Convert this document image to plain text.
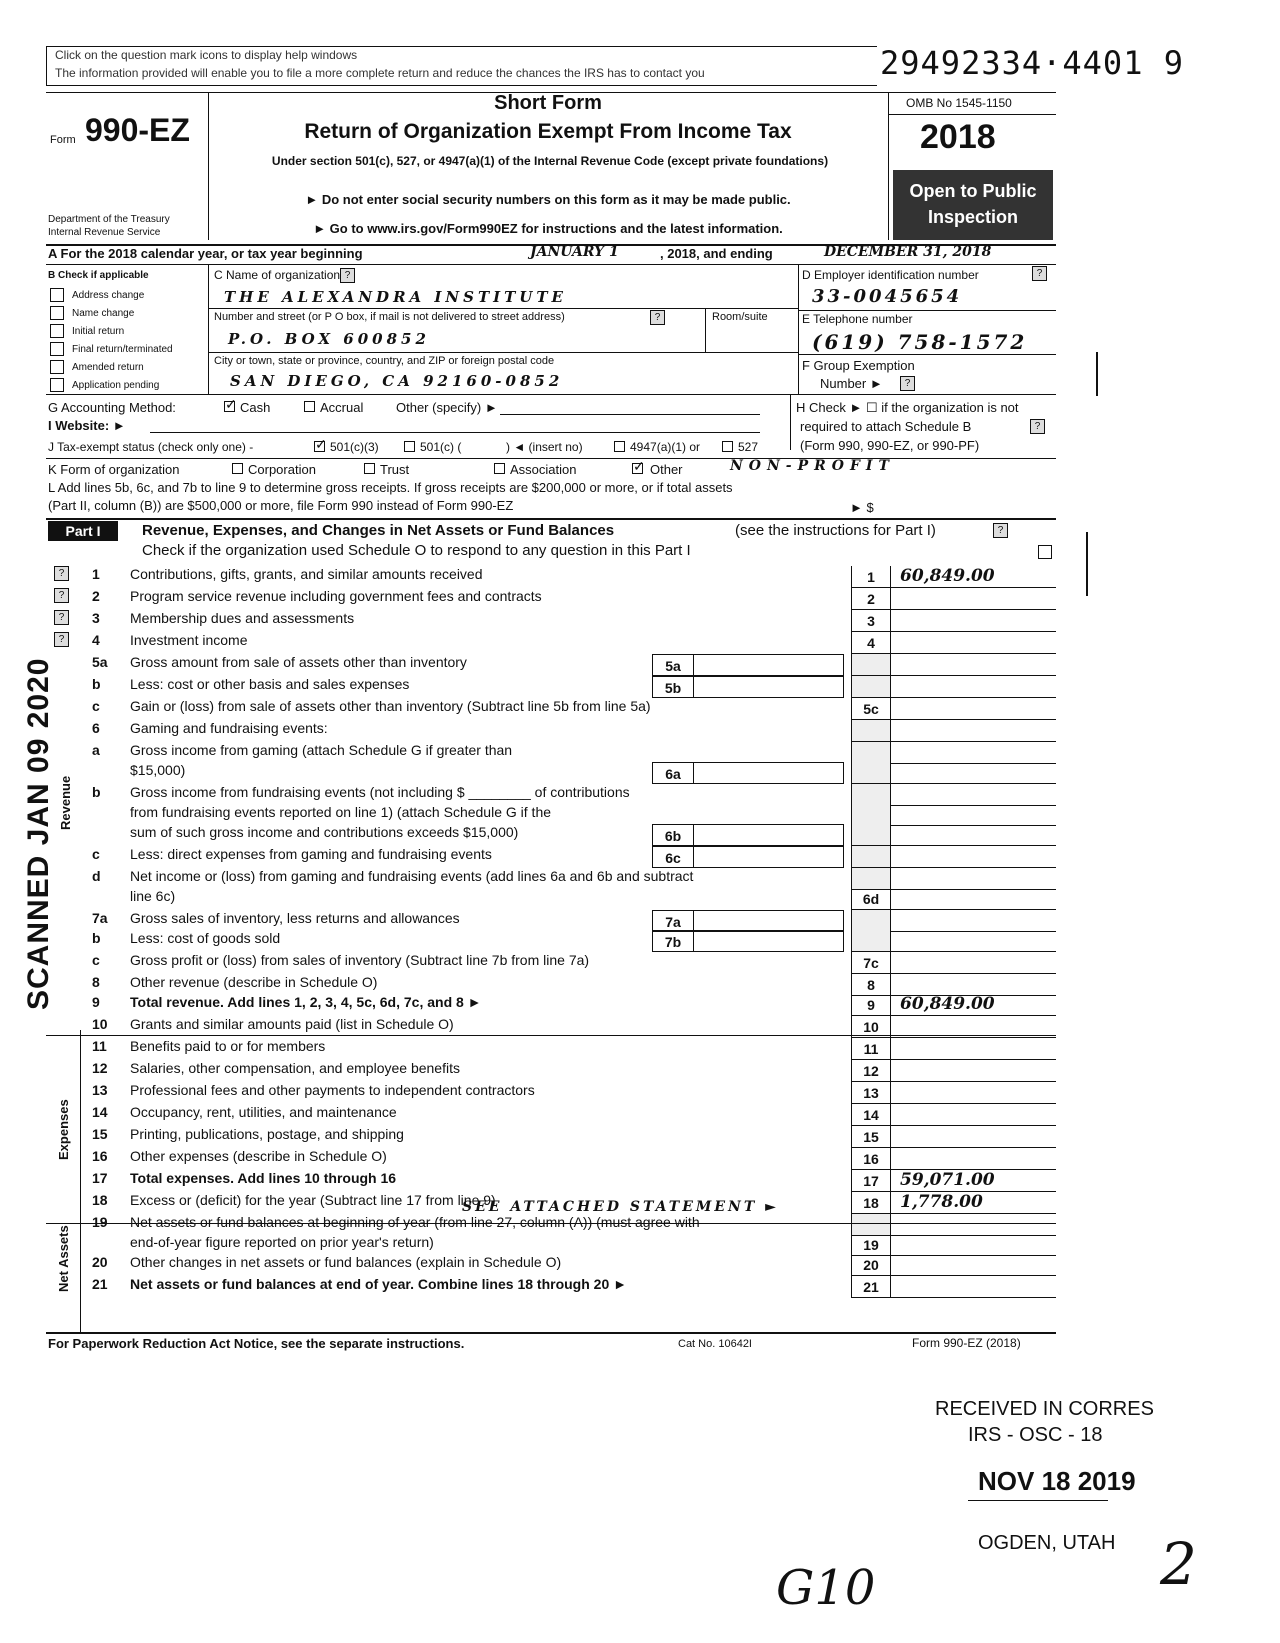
Click on the question mark icons to display help windows
The information provided will enable you to file a more complete return and reduce the chances the IRS has to contact you	29492334·4401 9
Form 990-EZ
Department of the Treasury
Internal Revenue Service
Short Form
Return of Organization Exempt From Income Tax
Under section 501(c), 527, or 4947(a)(1) of the Internal Revenue Code (except private foundations)
► Do not enter social security numbers on this form as it may be made public.
► Go to www.irs.gov/Form990EZ for instructions and the latest information.
OMB No 1545-1150
2018
Open to Public Inspection
A For the 2018 calendar year, or tax year beginning	JANUARY 1	, 2018, and ending	DECEMBER 31, 2018
B Check if applicable
Address change
Name change
Initial return
Final return/terminated
Amended return
Application pending
C Name of organization ?
THE ALEXANDRA INSTITUTE
Number and street (or P O box, if mail is not delivered to street address)	?	Room/suite
P.O. BOX 600852
City or town, state or province, country, and ZIP or foreign postal code
SAN DIEGO, CA 92160-0852
D Employer identification number	?
33-0045654
E Telephone number
(619) 758-1572
F Group Exemption
Number ►	?
G Accounting Method:	✓ Cash	Accrual	Other (specify) ►	H Check ► ☐ if the organization is not
required to attach Schedule B	?
(Form 990, 990-EZ, or 990-PF)
I Website: ►
J Tax-exempt status (check only one) -	✓ 501(c)(3)	501(c) (	) ◄ (insert no)	4947(a)(1) or	527
K Form of organization	Corporation	Trust	Association	✓ Other	NON-PROFIT
L Add lines 5b, 6c, and 7b to line 9 to determine gross receipts. If gross receipts are $200,000 or more, or if total assets
(Part II, column (B)) are $500,000 or more, file Form 990 instead of Form 990-EZ	► $
Part I	Revenue, Expenses, and Changes in Net Assets or Fund Balances	(see the instructions for Part I)	?
Check if the organization used Schedule O to respond to any question in this Part I
?
?
?
?
1	Contributions, gifts, grants, and similar amounts received	1	60,849.00
2	Program service revenue including government fees and contracts	2
3	Membership dues and assessments	3
4	Investment income	4
5a	Gross amount from sale of assets other than inventory	5a
b	Less: cost or other basis and sales expenses	5b
c	Gain or (loss) from sale of assets other than inventory (Subtract line 5b from line 5a)	5c
6	Gaming and fundraising events:
a	Gross income from gaming (attach Schedule G if greater than
$15,000)	6a
b	Gross income from fundraising events (not including $ ________ of contributions
from fundraising events reported on line 1) (attach Schedule G if the
sum of such gross income and contributions exceeds $15,000)	6b
c	Less: direct expenses from gaming and fundraising events	6c
d	Net income or (loss) from gaming and fundraising events (add lines 6a and 6b and subtract
line 6c)	6d
7a	Gross sales of inventory, less returns and allowances	7a
b	Less: cost of goods sold	7b
c	Gross profit or (loss) from sales of inventory (Subtract line 7b from line 7a)	7c
8	Other revenue (describe in Schedule O)	8
9	Total revenue. Add lines 1, 2, 3, 4, 5c, 6d, 7c, and 8 ►	9	60,849.00
10	Grants and similar amounts paid (list in Schedule O)	10
11	Benefits paid to or for members	11
12	Salaries, other compensation, and employee benefits	12
13	Professional fees and other payments to independent contractors	13
14	Occupancy, rent, utilities, and maintenance	14
15	Printing, publications, postage, and shipping	15
16	Other expenses (describe in Schedule O)	16
17	Total expenses. Add lines 10 through 16	17	59,071.00
18	Excess or (deficit) for the year (Subtract line 17 from line 9)	18	1,778.00
19	Net assets or fund balances at beginning of year (from line 27, column (A)) (must agree with
end-of-year figure reported on prior year's return)	19
20	Other changes in net assets or fund balances (explain in Schedule O)	20
21	Net assets or fund balances at end of year. Combine lines 18 through 20 ►	21
Revenue
Expenses
Net Assets
SEE ATTACHED STATEMENT ►
For Paperwork Reduction Act Notice, see the separate instructions.	Cat No. 10642I	Form 990-EZ (2018)
SCANNED JAN 09 2020
RECEIVED IN CORRES
IRS - OSC - 18
NOV 18 2019
OGDEN, UTAH
G10	2
